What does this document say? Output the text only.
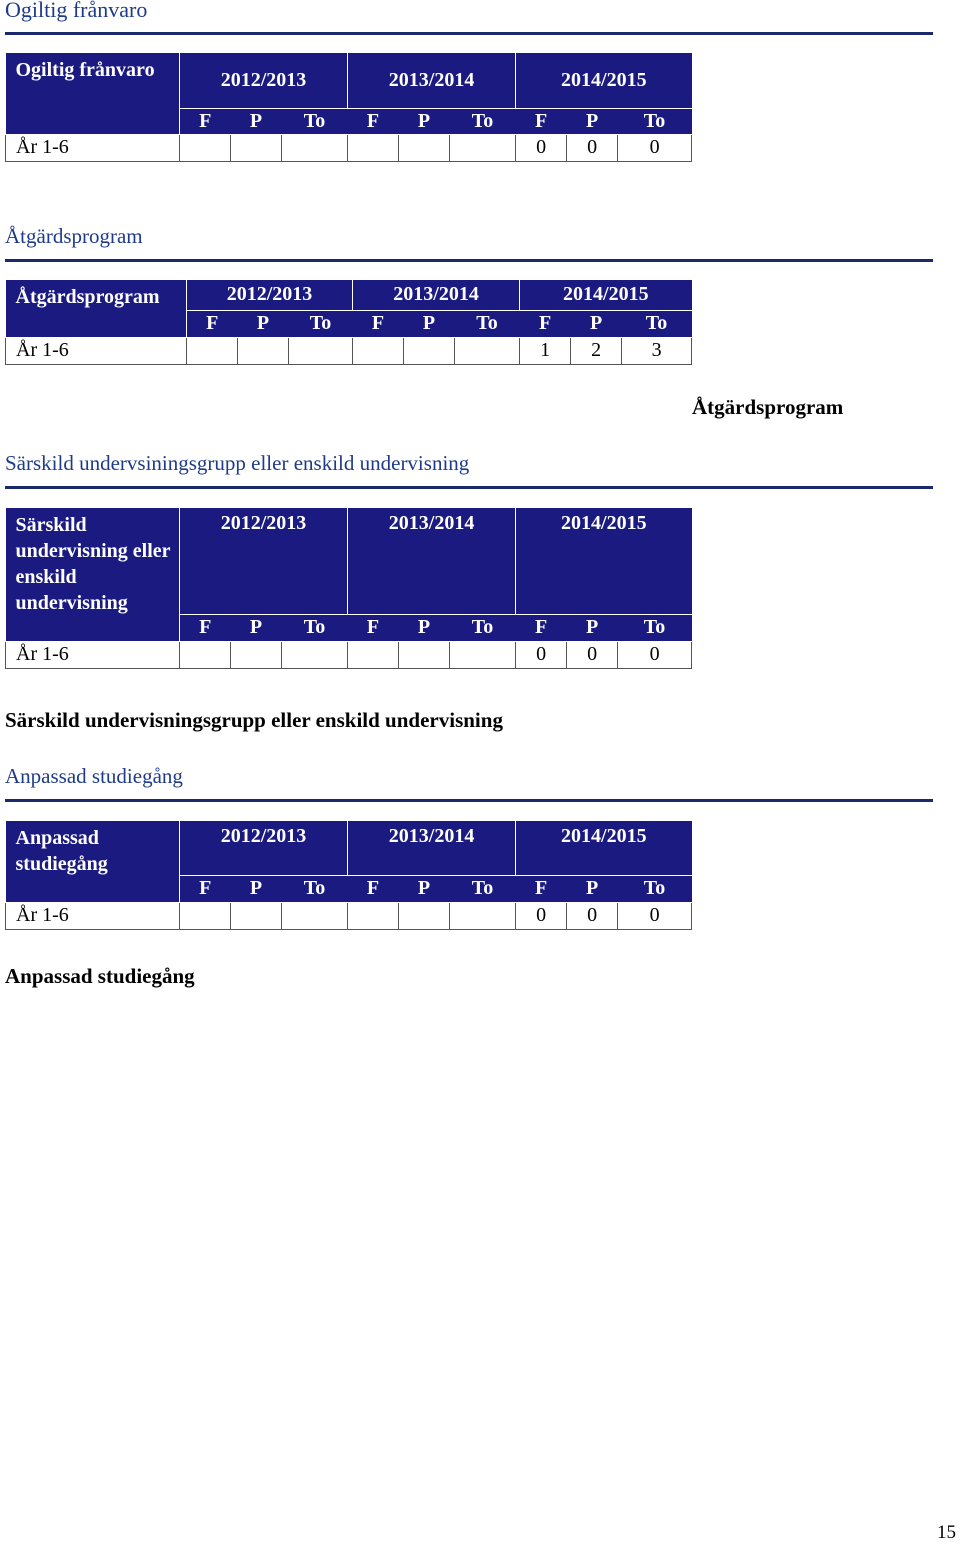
Ogiltig frånvaro
Ogiltig frånvaro	2012/2013			2013/2014			2014/2015		
	F	P	To	F	P	To	F	P	To
År 1-6							0	0	0
Åtgärdsprogram
Åtgärdsprogram	2012/2013			2013/2014			2014/2015		
	F	P	To	F	P	To	F	P	To
År 1-6							1	2	3

Åtgärdsprogram

Särskild undervsiningsgrupp eller enskild undervisning
Särskild undervisning eller enskild undervisning	2012/2013			2013/2014			2014/2015		
	F	P	To	F	P	To	F	P	To
År 1-6							0	0	0

Särskild undervisningsgrupp eller enskild undervisning

Anpassad studiegång
Anpassad studiegång	2012/2013			2013/2014			2014/2015		
	F	P	To	F	P	To	F	P	To
År 1-6							0	0	0

Anpassad studiegång

15
